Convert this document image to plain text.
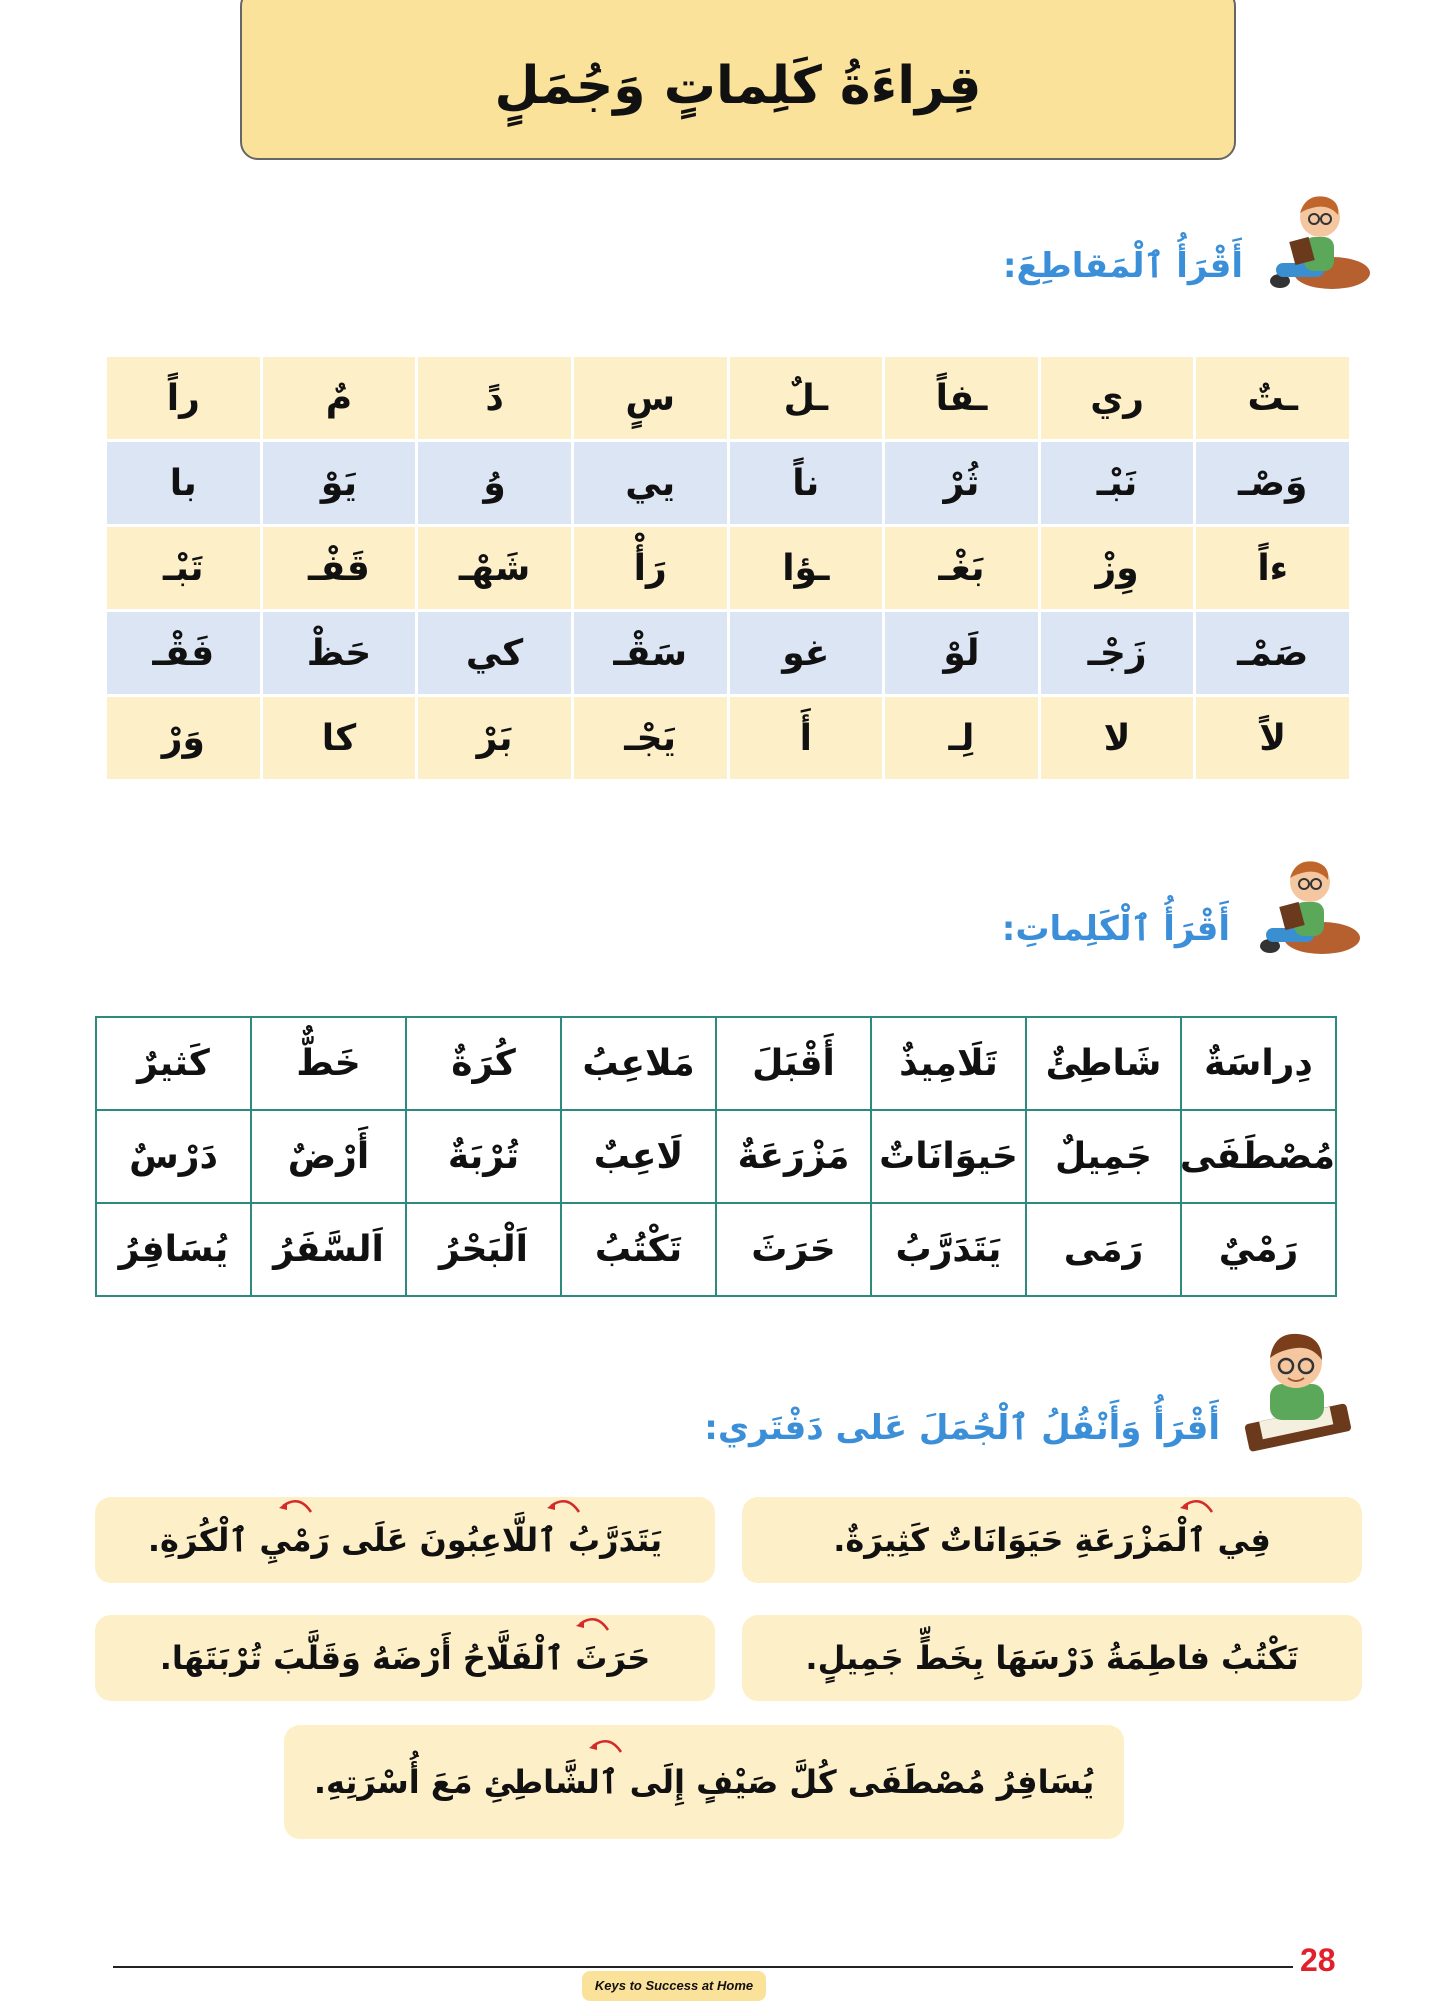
قِراءَةُ كَلِماتٍ وَجُمَلٍ
أَقْرَأُ ٱلْمَقاطِعَ:
ـتٌ	ري	ـفاً	ـلٌ	سٍ	دً	مٌ	راً
وَصْـ	نَبْـ	ثُرْ	ناً	يي	وُ	يَوْ	با
ءاً	وِزْ	بَغْـ	ـؤا	رَأْ	شَهْـ	قَفْـ	تَبْـ
صَمْـ	زَجْـ	لَوْ	غو	سَقْـ	كي	حَظْ	فَقْـ
لاً	لا	لِـ	أَ	يَجْـ	بَرْ	كا	وَرْ
أَقْرَأُ ٱلْكَلِماتِ:
دِراسَةٌ	شَاطِئٌ	تَلَامِيذٌ	أَقْبَلَ	مَلاعِبُ	كُرَةٌ	خَطٌّ	كَثيرٌ
مُصْطَفَى	جَمِيلٌ	حَيوَانَاتٌ	مَزْرَعَةٌ	لَاعِبٌ	تُرْبَةٌ	أَرْضٌ	دَرْسٌ
رَمْيٌ	رَمَى	يَتَدَرَّبُ	حَرَثَ	تَكْتُبُ	اَلْبَحْرُ	اَلسَّفَرُ	يُسَافِرُ
أَقْرَأُ وَأَنْقُلُ ٱلْجُمَلَ عَلى دَفْتَري:
فِي ٱلْمَزْرَعَةِ حَيَوَانَاتٌ كَثِيرَةٌ.
يَتَدَرَّبُ ٱللَّاعِبُونَ عَلَى رَمْيِ ٱلْكُرَةِ.
تَكْتُبُ فاطِمَةُ دَرْسَهَا بِخَطٍّ جَمِيلٍ.
حَرَثَ ٱلْفَلَّاحُ أَرْضَهُ وَقَلَّبَ تُرْبَتَهَا.
يُسَافِرُ مُصْطَفَى كُلَّ صَيْفٍ إِلَى ٱلشَّاطِئِ مَعَ أُسْرَتِهِ.
Keys to Success at Home
28
